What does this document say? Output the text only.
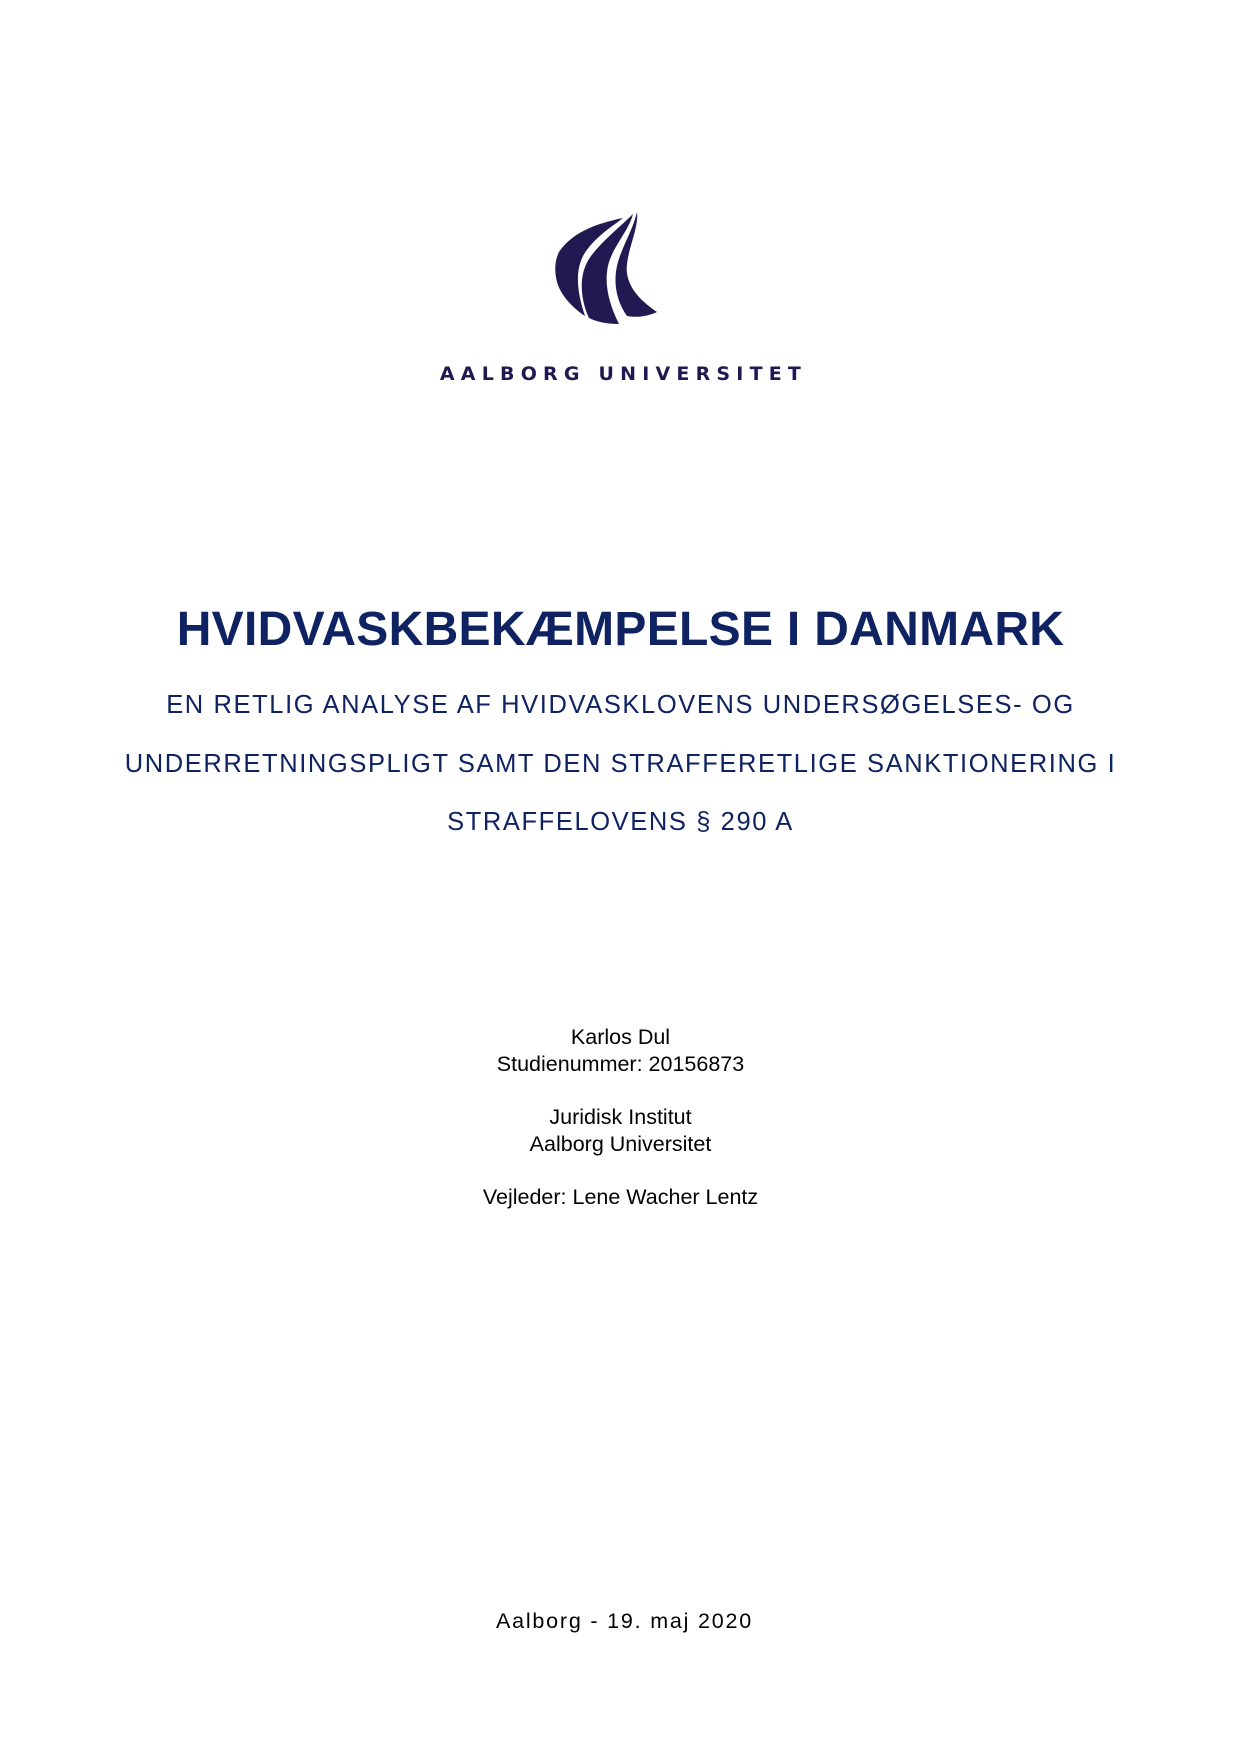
AALBORG UNIVERSITET
HVIDVASKBEKÆMPELSE I DANMARK
EN RETLIG ANALYSE AF HVIDVASKLOVENS UNDERSØGELSES- OG
UNDERRETNINGSPLIGT SAMT DEN STRAFFERETLIGE SANKTIONERING I
STRAFFELOVENS § 290 A
Karlos Dul
Studienummer: 20156873
Juridisk Institut
Aalborg Universitet
Vejleder: Lene Wacher Lentz
Aalborg - 19. maj 2020
